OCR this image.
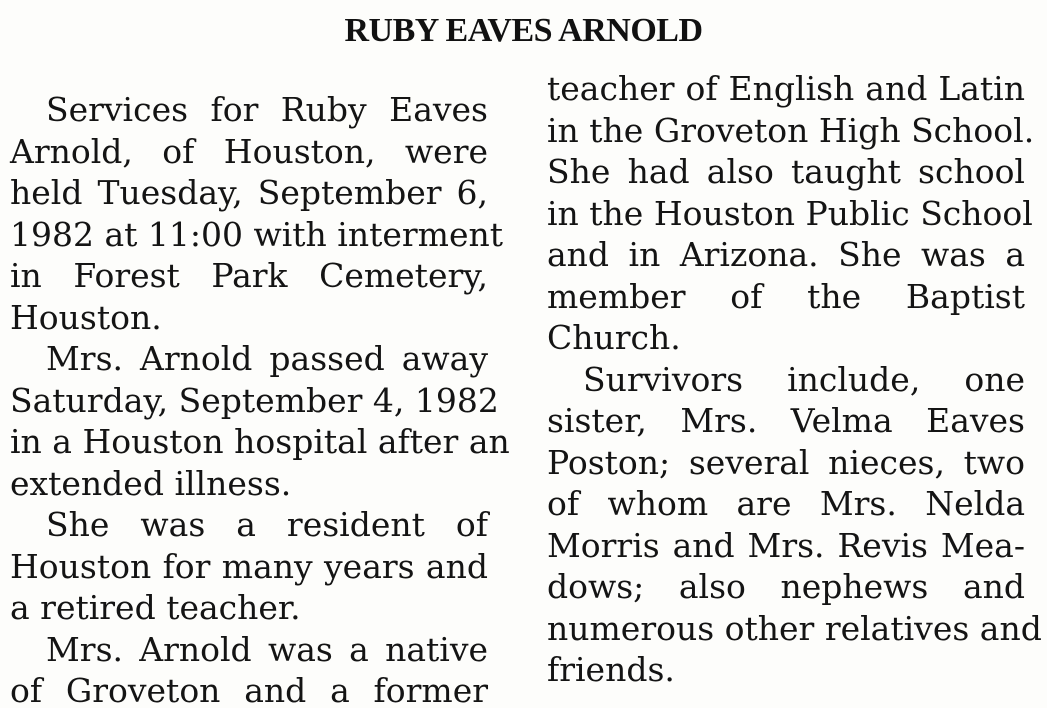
RUBY EAVES ARNOLD
Services for Ruby Eaves
Arnold, of Houston, were
held Tuesday, September 6,
1982 at 11:00 with interment
in Forest Park Cemetery,
Houston.
Mrs. Arnold passed away
Saturday, September 4, 1982
in a Houston hospital after an
extended illness.
She was a resident of
Houston for many years and
a retired teacher.
Mrs. Arnold was a native
of Groveton and a former
teacher of English and Latin
in the Groveton High School.
She had also taught school
in the Houston Public School
and in Arizona. She was a
member of the Baptist
Church.
Survivors include, one
sister, Mrs. Velma Eaves
Poston; several nieces, two
of whom are Mrs. Nelda
Morris and Mrs. Revis Mea-
dows; also nephews and
numerous other relatives and
friends.
